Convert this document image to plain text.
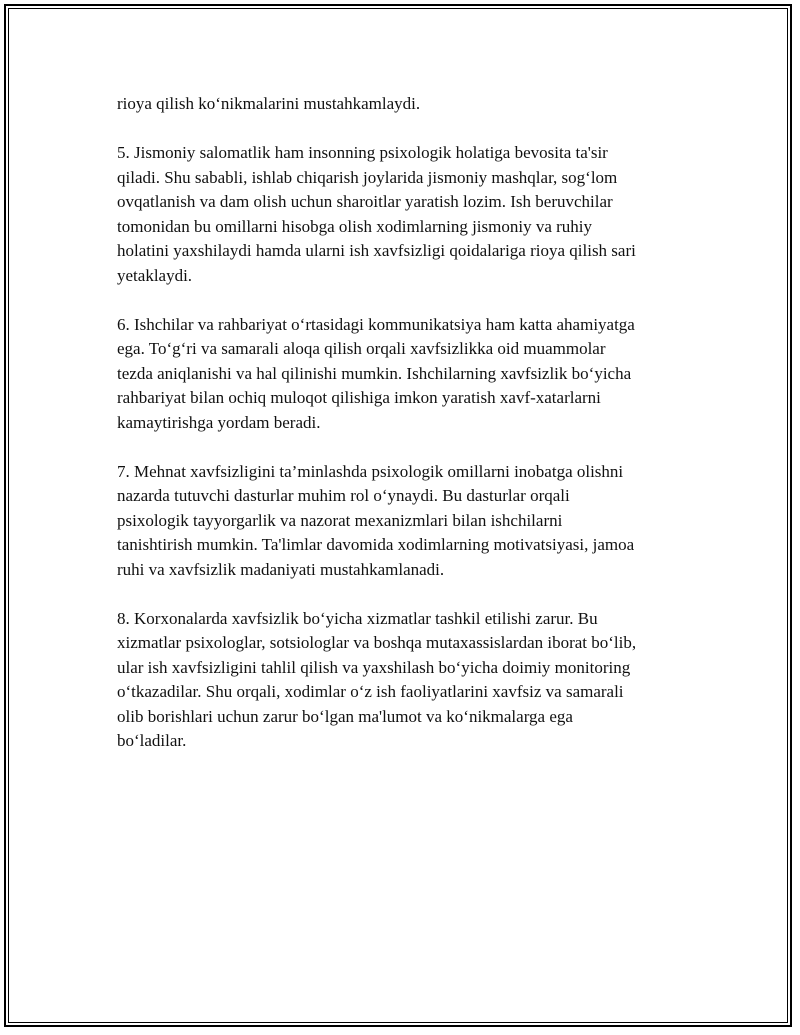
rioya qilish ko‘nikmalarini mustahkamlaydi.

5. Jismoniy salomatlik ham insonning psixologik holatiga bevosita ta'sir
qiladi. Shu sababli, ishlab chiqarish joylarida jismoniy mashqlar, sog‘lom
ovqatlanish va dam olish uchun sharoitlar yaratish lozim. Ish beruvchilar
tomonidan bu omillarni hisobga olish xodimlarning jismoniy va ruhiy
holatini yaxshilaydi hamda ularni ish xavfsizligi qoidalariga rioya qilish sari
yetaklaydi.

6. Ishchilar va rahbariyat o‘rtasidagi kommunikatsiya ham katta ahamiyatga
ega. To‘g‘ri va samarali aloqa qilish orqali xavfsizlikka oid muammolar
tezda aniqlanishi va hal qilinishi mumkin. Ishchilarning xavfsizlik bo‘yicha
rahbariyat bilan ochiq muloqot qilishiga imkon yaratish xavf-xatarlarni
kamaytirishga yordam beradi.

7. Mehnat xavfsizligini ta’minlashda psixologik omillarni inobatga olishni
nazarda tutuvchi dasturlar muhim rol o‘ynaydi. Bu dasturlar orqali
psixologik tayyorgarlik va nazorat mexanizmlari bilan ishchilarni
tanishtirish mumkin. Ta'limlar davomida xodimlarning motivatsiyasi, jamoa
ruhi va xavfsizlik madaniyati mustahkamlanadi.

8. Korxonalarda xavfsizlik bo‘yicha xizmatlar tashkil etilishi zarur. Bu
xizmatlar psixologlar, sotsiologlar va boshqa mutaxassislardan iborat bo‘lib,
ular ish xavfsizligini tahlil qilish va yaxshilash bo‘yicha doimiy monitoring
o‘tkazadilar. Shu orqali, xodimlar o‘z ish faoliyatlarini xavfsiz va samarali
olib borishlari uchun zarur bo‘lgan ma'lumot va ko‘nikmalarga ega
bo‘ladilar.
